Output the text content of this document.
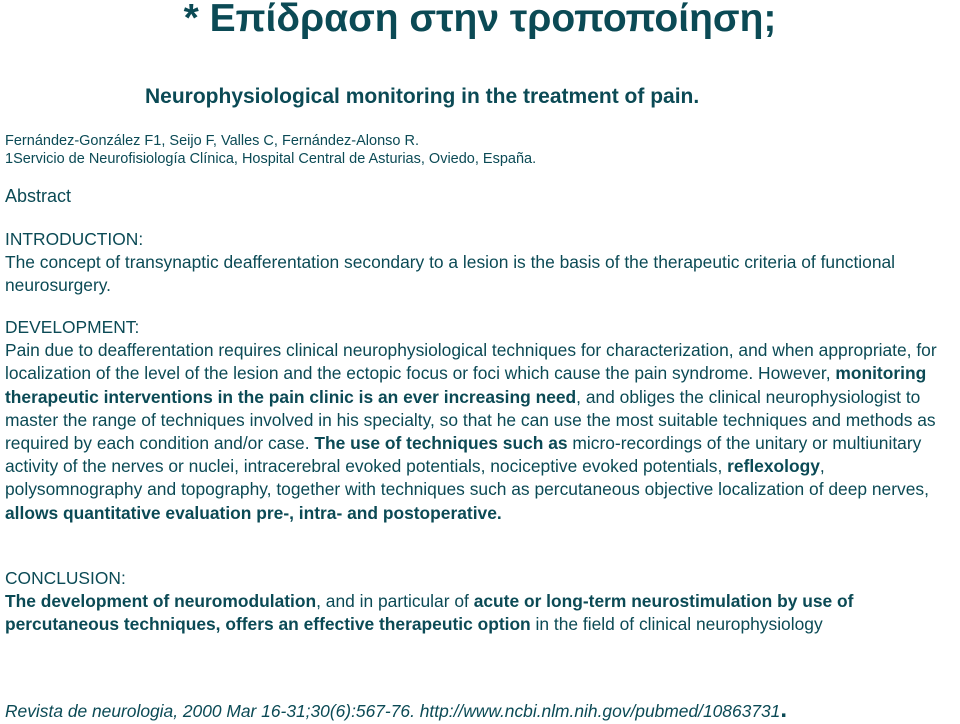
* Επίδραση στην τροποποίηση;
Neurophysiological monitoring in the treatment of pain.
Fernández-González F1, Seijo F, Valles C, Fernández-Alonso R.
1Servicio de Neurofisiología Clínica, Hospital Central de Asturias, Oviedo, España.
Abstract
INTRODUCTION:
The concept of transynaptic deafferentation secondary to a lesion is the basis of the therapeutic criteria of functional neurosurgery.
DEVELOPMENT:
Pain due to deafferentation requires clinical neurophysiological techniques for characterization, and when appropriate, for localization of the level of the lesion and the ectopic focus or foci which cause the pain syndrome. However, monitoring therapeutic interventions in the pain clinic is an ever increasing need, and obliges the clinical neurophysiologist to master the range of techniques involved in his specialty, so that he can use the most suitable techniques and methods as required by each condition and/or case. The use of techniques such as micro-recordings of the unitary or multiunitary activity of the nerves or nuclei, intracerebral evoked potentials, nociceptive evoked potentials, reflexology, polysomnography and topography, together with techniques such as percutaneous objective localization of deep nerves, allows quantitative evaluation pre-, intra- and postoperative.
CONCLUSION:
The development of neuromodulation, and in particular of acute or long-term neurostimulation by use of percutaneous techniques, offers an effective therapeutic option in the field of clinical neurophysiology
Revista de neurologia, 2000 Mar 16-31;30(6):567-76. http://www.ncbi.nlm.nih.gov/pubmed/10863731.
